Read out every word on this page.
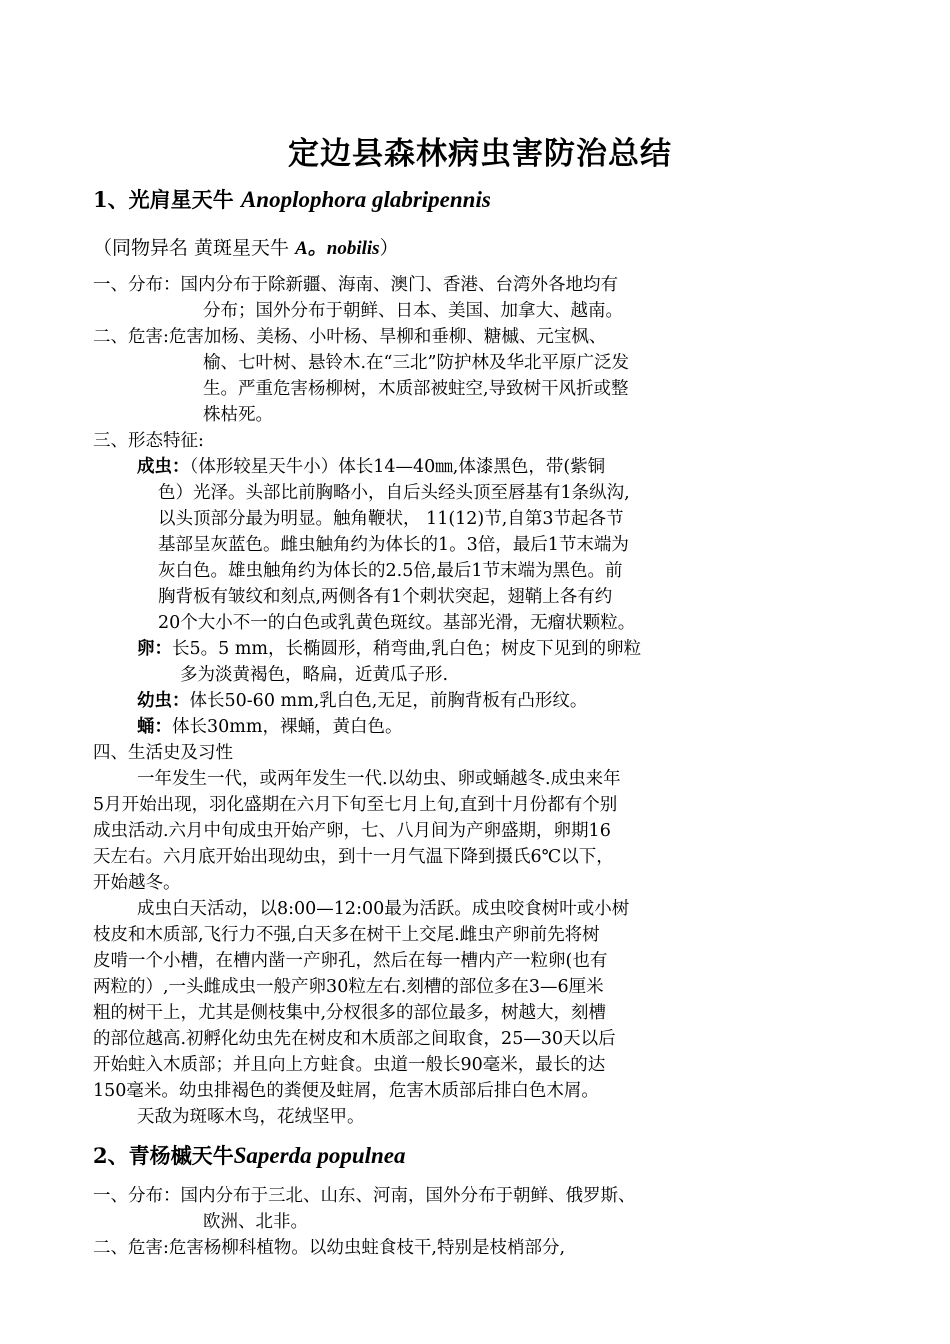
定边县森林病虫害防治总结
1、光肩星天牛 Anoplophora glabripennis
（同物异名 黄斑星天牛 A。nobilis）
一、分布：国内分布于除新疆、海南、澳门、香港、台湾外各地均有
分布；国外分布于朝鲜、日本、美国、加拿大、越南。
二、危害:危害加杨、美杨、小叶杨、旱柳和垂柳、糖槭、元宝枫、
榆、七叶树、悬铃木.在“三北”防护林及华北平原广泛发
生。严重危害杨柳树，木质部被蛀空,导致树干风折或整
株枯死。
三、形态特征:
成虫：（体形较星天牛小）体长14—40㎜,体漆黑色，带(紫铜
色）光泽。头部比前胸略小，自后头经头顶至唇基有1条纵沟,
以头顶部分最为明显。触角鞭状， 11(12)节,自第3节起各节
基部呈灰蓝色。雌虫触角约为体长的1。3倍，最后1节末端为
灰白色。雄虫触角约为体长的2.5倍,最后1节末端为黑色。前
胸背板有皱纹和刻点,两侧各有1个刺状突起，翅鞘上各有约
20个大小不一的白色或乳黄色斑纹。基部光滑，无瘤状颗粒。
卵：长5。5 mm，长椭圆形，稍弯曲,乳白色；树皮下见到的卵粒
多为淡黄褐色，略扁，近黄瓜子形.
幼虫：体长50-60 mm,乳白色,无足，前胸背板有凸形纹。
蛹：体长30mm，裸蛹，黄白色。
四、生活史及习性
一年发生一代，或两年发生一代.以幼虫、卵或蛹越冬.成虫来年
5月开始出现，羽化盛期在六月下旬至七月上旬,直到十月份都有个别
成虫活动.六月中旬成虫开始产卵，七、八月间为产卵盛期，卵期16
天左右。六月底开始出现幼虫，到十一月气温下降到摄氏6℃以下，
开始越冬。
成虫白天活动，以8:00—12:00最为活跃。成虫咬食树叶或小树
枝皮和木质部,飞行力不强,白天多在树干上交尾.雌虫产卵前先将树
皮啃一个小槽，在槽内凿一产卵孔，然后在每一槽内产一粒卵(也有
两粒的）,一头雌成虫一般产卵30粒左右.刻槽的部位多在3—6厘米
粗的树干上，尤其是侧枝集中,分杈很多的部位最多，树越大，刻槽
的部位越高.初孵化幼虫先在树皮和木质部之间取食，25—30天以后
开始蛀入木质部；并且向上方蛀食。虫道一般长90毫米，最长的达
150毫米。幼虫排褐色的粪便及蛀屑，危害木质部后排白色木屑。
天敌为斑啄木鸟，花绒坚甲。
2、青杨槭天牛Saperda populnea
一、分布：国内分布于三北、山东、河南，国外分布于朝鲜、俄罗斯、
欧洲、北非。
二、危害:危害杨柳科植物。以幼虫蛀食枝干,特别是枝梢部分,
